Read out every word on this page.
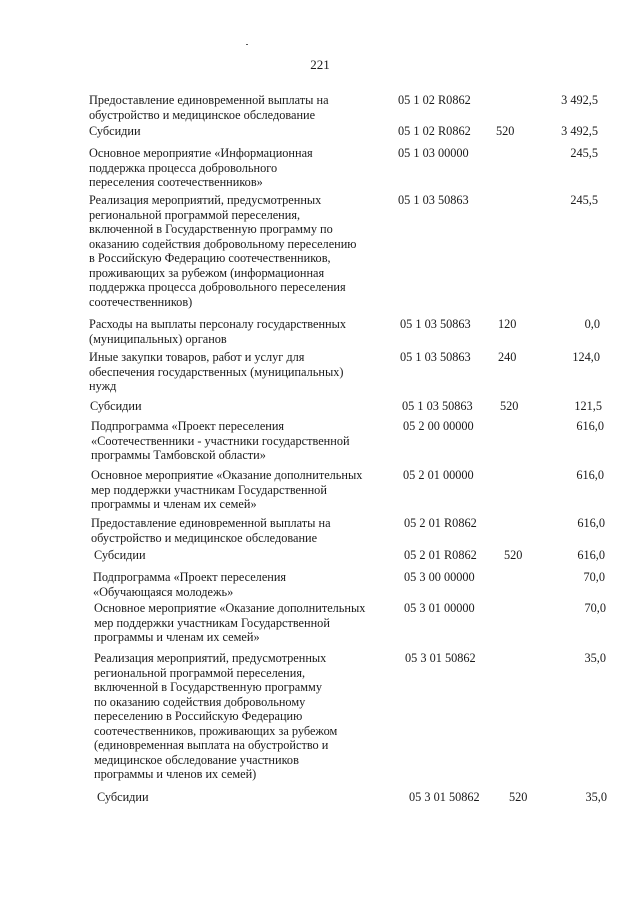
221
Предоставление единовременной выплаты на
обустройство и медицинское обследование
05 1 02 R0862	3 492,5
Субсидии	05 1 02 R0862 520	3 492,5
Основное мероприятие «Информационная
поддержка процесса добровольного
переселения соотечественников»
05 1 03 00000	245,5
Реализация мероприятий, предусмотренных
региональной программой переселения,
включенной в Государственную программу по
оказанию содействия добровольному переселению
в Российскую Федерацию соотечественников,
проживающих за рубежом (информационная
поддержка процесса добровольного переселения
соотечественников)
05 1 03 50863	245,5
Расходы на выплаты персоналу государственных
(муниципальных) органов
05 1 03 50863 120	0,0
Иные закупки товаров, работ и услуг для
обеспечения государственных (муниципальных)
нужд
05 1 03 50863 240	124,0
Субсидии	05 1 03 50863 520	121,5
Подпрограмма «Проект переселения
«Соотечественники - участники государственной
программы Тамбовской области»
05 2 00 00000	616,0
Основное мероприятие «Оказание дополнительных
мер поддержки участникам Государственной
программы и членам их семей»
05 2 01 00000	616,0
Предоставление единовременной выплаты на
обустройство и медицинское обследование
05 2 01 R0862	616,0
Субсидии	05 2 01 R0862 520	616,0
Подпрограмма «Проект переселения
«Обучающаяся молодежь»
05 3 00 00000	70,0
Основное мероприятие «Оказание дополнительных
мер поддержки участникам Государственной
программы и членам их семей»
05 3 01 00000	70,0
Реализация мероприятий, предусмотренных
региональной программой переселения,
включенной в Государственную программу
по оказанию содействия добровольному
переселению в Российскую Федерацию
соотечественников, проживающих за рубежом
(единовременная выплата на обустройство и
медицинское обследование участников
программы и членов их семей)
05 3 01 50862	35,0
Субсидии	05 3 01 50862 520	35,0
